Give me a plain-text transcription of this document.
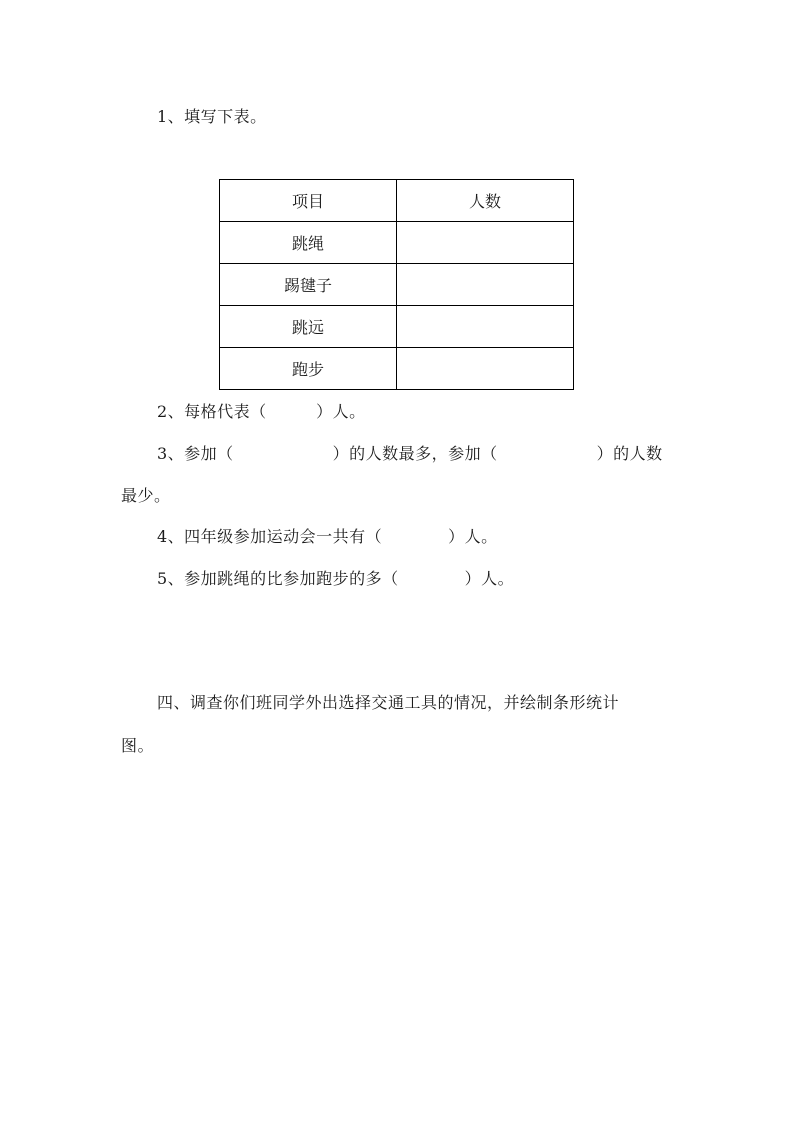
1、填写下表。
项目	人数
跳绳	
踢毽子	
跳远	
跑步	
2、每格代表（　　　）人。
3、参加（　　　　　　）的人数最多，参加（　　　　　　）的人数
最少。
4、四年级参加运动会一共有（　　　　）人。
5、参加跳绳的比参加跑步的多（　　　　）人。
四、调查你们班同学外出选择交通工具的情况，并绘制条形统计
图。
